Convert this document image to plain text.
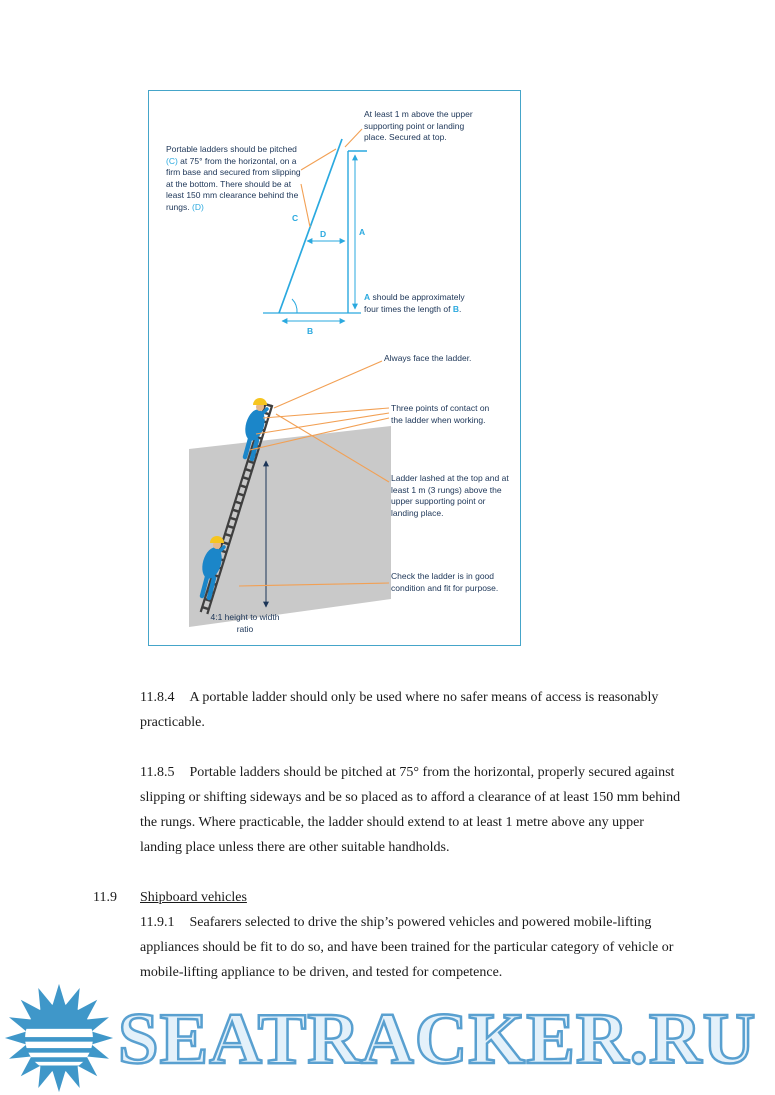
A
B
C
D
At least 1 m above the upper supporting point or landing place. Secured at top.
Portable ladders should be pitched (C) at 75° from the horizontal, on a firm base and secured from slipping at the bottom. There should be at least 150 mm clearance behind the rungs. (D)
A should be approximately four times the length of B.
Always face the ladder.
Three points of contact on the ladder when working.
Ladder lashed at the top and at least 1 m (3 rungs) above the upper supporting point or landing place.
Check the ladder is in good condition and fit for purpose.
4:1 height to width ratio

11.8.4 A portable ladder should only be used where no safer means of access is reasonably practicable.

11.8.5 Portable ladders should be pitched at 75° from the horizontal, properly secured against slipping or shifting sideways and be so placed as to afford a clearance of at least 150 mm behind the rungs. Where practicable, the ladder should extend to at least 1 metre above any upper landing place unless there are other suitable handholds.

11.9 Shipboard vehicles

11.9.1 Seafarers selected to drive the ship’s powered vehicles and powered mobile-lifting appliances should be fit to do so, and have been trained for the particular category of vehicle or mobile-lifting appliance to be driven, and tested for competence.

SEATRACKER.RU
